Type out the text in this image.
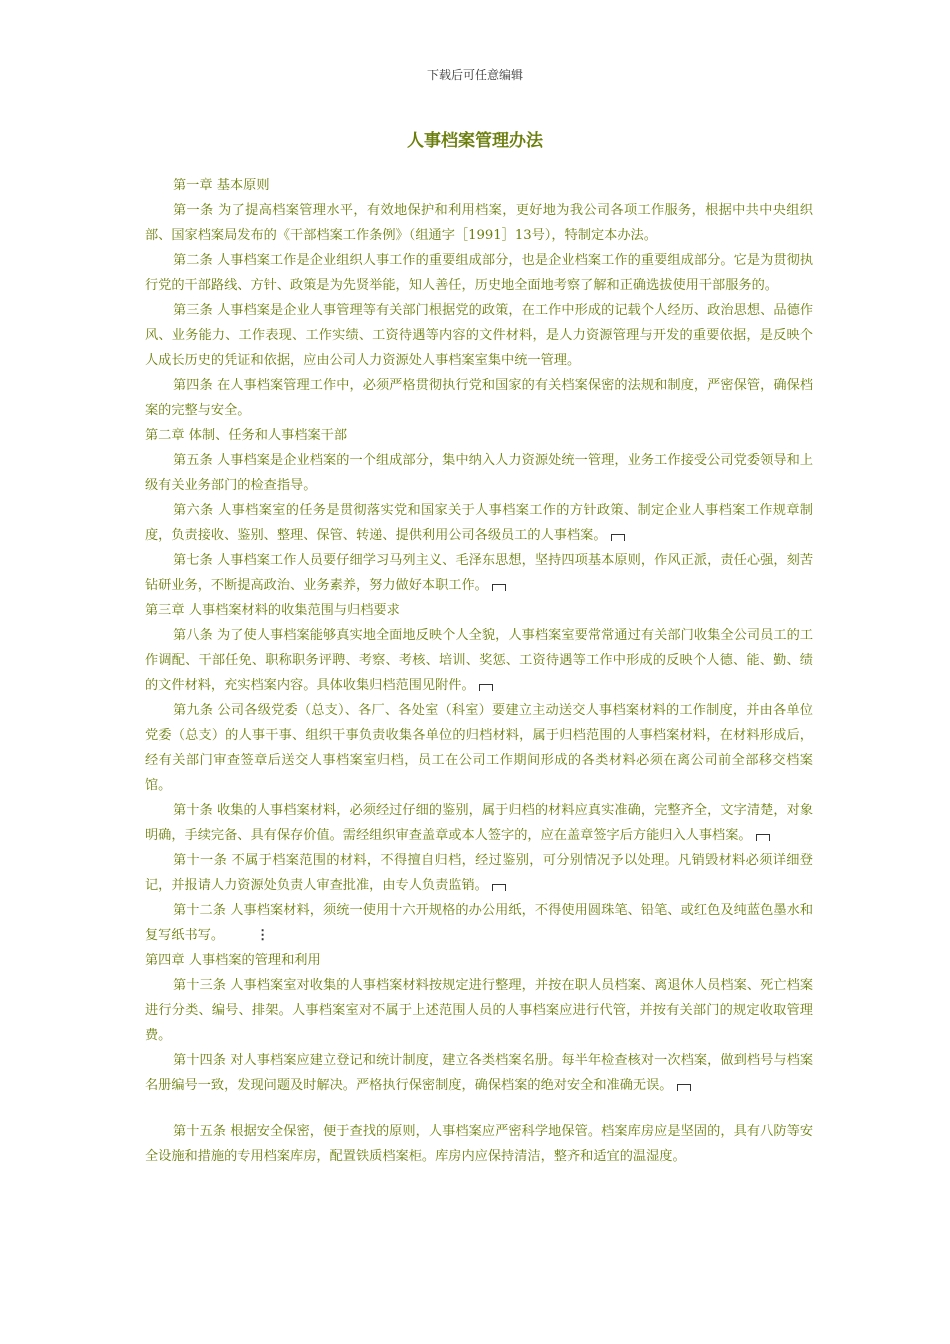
下载后可任意编辑
人事档案管理办法

第一章 基本原则

第一条 为了提高档案管理水平，有效地保护和利用档案，更好地为我公司各项工作服务，根据中共中央组织部、国家档案局发布的《干部档案工作条例》（组通字［1991］13号），特制定本办法。

第二条 人事档案工作是企业组织人事工作的重要组成部分，也是企业档案工作的重要组成部分。它是为贯彻执行党的干部路线、方针、政策是为先贤举能，知人善任，历史地全面地考察了解和正确选拔使用干部服务的。

第三条 人事档案是企业人事管理等有关部门根据党的政策，在工作中形成的记载个人经历、政治思想、品德作风、业务能力、工作表现、工作实绩、工资待遇等内容的文件材料，是人力资源管理与开发的重要依据，是反映个人成长历史的凭证和依据，应由公司人力资源处人事档案室集中统一管理。

第四条 在人事档案管理工作中，必须严格贯彻执行党和国家的有关档案保密的法规和制度，严密保管，确保档案的完整与安全。

第二章 体制、任务和人事档案干部

第五条 人事档案是企业档案的一个组成部分，集中纳入人力资源处统一管理，业务工作接受公司党委领导和上级有关业务部门的检查指导。

第六条 人事档案室的任务是贯彻落实党和国家关于人事档案工作的方针政策、制定企业人事档案工作规章制度，负责接收、鉴别、整理、保管、转递、提供利用公司各级员工的人事档案。

第七条 人事档案工作人员要仔细学习马列主义、毛泽东思想，坚持四项基本原则，作风正派，责任心强，刻苦钻研业务，不断提高政治、业务素养，努力做好本职工作。

第三章 人事档案材料的收集范围与归档要求

第八条 为了使人事档案能够真实地全面地反映个人全貌，人事档案室要常常通过有关部门收集全公司员工的工作调配、干部任免、职称职务评聘、考察、考核、培训、奖惩、工资待遇等工作中形成的反映个人德、能、勤、绩的文件材料，充实档案内容。具体收集归档范围见附件。

第九条 公司各级党委（总支）、各厂、各处室（科室）要建立主动送交人事档案材料的工作制度，并由各单位党委（总支）的人事干事、组织干事负责收集各单位的归档材料，属于归档范围的人事档案材料，在材料形成后，经有关部门审查签章后送交人事档案室归档，员工在公司工作期间形成的各类材料必须在离公司前全部移交档案馆。

第十条 收集的人事档案材料，必须经过仔细的鉴别，属于归档的材料应真实准确，完整齐全，文字清楚，对象明确，手续完备、具有保存价值。需经组织审查盖章或本人签字的，应在盖章签字后方能归入人事档案。

第十一条 不属于档案范围的材料，不得擅自归档，经过鉴别，可分别情况予以处理。凡销毁材料必须详细登记，并报请人力资源处负责人审查批准，由专人负责监销。

第十二条 人事档案材料，须统一使用十六开规格的办公用纸，不得使用圆珠笔、铅笔、或红色及纯蓝色墨水和复写纸书写。 ⋮

第四章 人事档案的管理和利用

第十三条 人事档案室对收集的人事档案材料按规定进行整理，并按在职人员档案、离退休人员档案、死亡档案进行分类、编号、排架。人事档案室对不属于上述范围人员的人事档案应进行代管，并按有关部门的规定收取管理费。

第十四条 对人事档案应建立登记和统计制度，建立各类档案名册。每半年检查核对一次档案，做到档号与档案名册编号一致，发现问题及时解决。严格执行保密制度，确保档案的绝对安全和准确无误。

第十五条 根据安全保密，便于查找的原则，人事档案应严密科学地保管。档案库房应是坚固的，具有八防等安全设施和措施的专用档案库房，配置铁质档案柜。库房内应保持清洁，整齐和适宜的温湿度。
